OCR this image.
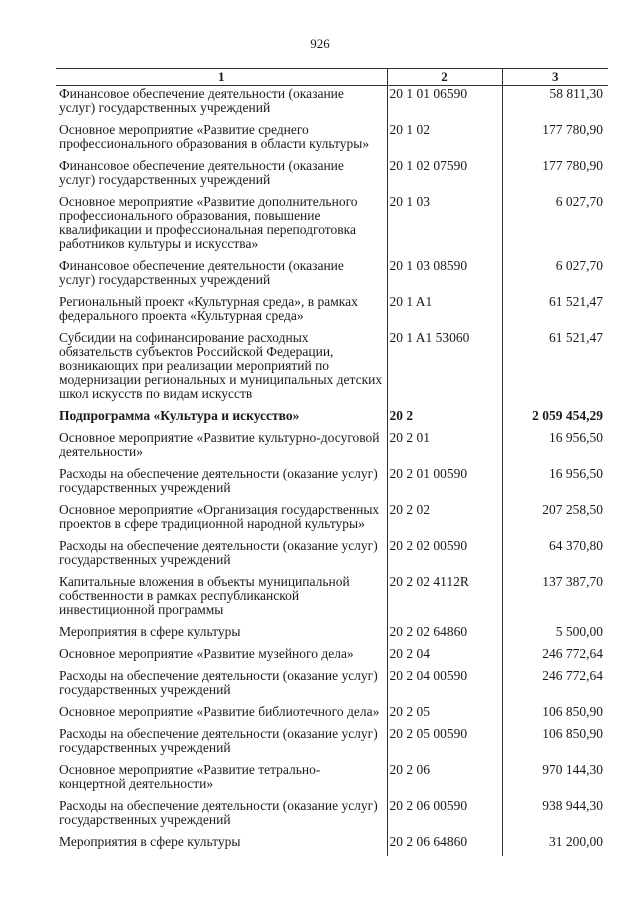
926
1	2	3
Финансовое обеспечение деятельности (оказание услуг) государственных учреждений	20 1 01 06590	58 811,30
Основное мероприятие «Развитие среднего профессионального образования в области культуры»	20 1 02	177 780,90
Финансовое обеспечение деятельности (оказание услуг) государственных учреждений	20 1 02 07590	177 780,90
Основное мероприятие «Развитие дополнительного профессионального образования, повышение квалификации и профессиональная переподготовка работников культуры и искусства»	20 1 03	6 027,70
Финансовое обеспечение деятельности (оказание услуг) государственных учреждений	20 1 03 08590	6 027,70
Региональный проект «Культурная среда», в рамках федерального проекта «Культурная среда»	20 1 A1	61 521,47
Субсидии на софинансирование расходных обязательств субъектов Российской Федерации, возникающих при реализации мероприятий по модернизации региональных и муниципальных детских школ искусств по видам искусств	20 1 A1 53060	61 521,47
Подпрограмма «Культура и искусство»	20 2	2 059 454,29
Основное мероприятие «Развитие культурно-досуговой деятельности»	20 2 01	16 956,50
Расходы на обеспечение деятельности (оказание услуг) государственных учреждений	20 2 01 00590	16 956,50
Основное мероприятие «Организация государственных проектов в сфере традиционной народной культуры»	20 2 02	207 258,50
Расходы на обеспечение деятельности (оказание услуг) государственных учреждений	20 2 02 00590	64 370,80
Капитальные вложения в объекты муниципальной собственности в рамках республиканской инвестиционной программы	20 2 02 4112R	137 387,70
Мероприятия в сфере культуры	20 2 02 64860	5 500,00
Основное мероприятие «Развитие музейного дела»	20 2 04	246 772,64
Расходы на обеспечение деятельности (оказание услуг) государственных учреждений	20 2 04 00590	246 772,64
Основное мероприятие «Развитие библиотечного дела»	20 2 05	106 850,90
Расходы на обеспечение деятельности (оказание услуг) государственных учреждений	20 2 05 00590	106 850,90
Основное мероприятие «Развитие тетрально-концертной деятельности»	20 2 06	970 144,30
Расходы на обеспечение деятельности (оказание услуг) государственных учреждений	20 2 06 00590	938 944,30
Мероприятия в сфере культуры	20 2 06 64860	31 200,00
